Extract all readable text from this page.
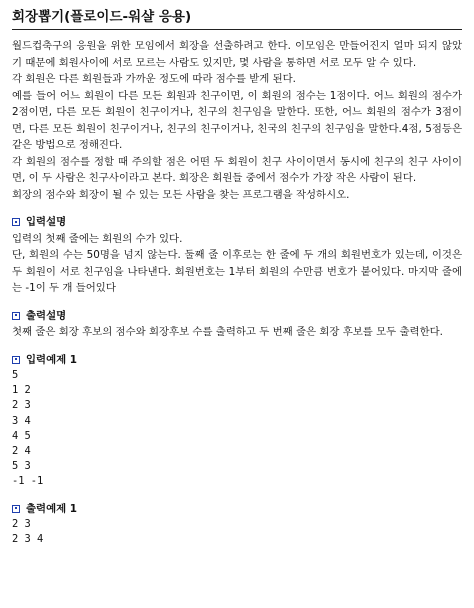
회장뽑기(플로이드-워샬 응용)

월드컵축구의 응원을 위한 모임에서 회장을 선출하려고 한다. 이모임은 만들어진지 얼마 되지 않았기 때문에 회원사이에 서로 모르는 사람도 있지만, 몇 사람을 통하면 서로 모두 알 수 있다.

각 회원은 다른 회원들과 가까운 정도에 따라 점수를 받게 된다.

예를 들어 어느 회원이 다른 모든 회원과 친구이면, 이 회원의 점수는 1점이다. 어느 회원의 점수가 2점이면, 다른 모든 회원이 친구이거나, 친구의 친구임을 말한다. 또한, 어느 회원의 점수가 3점이면, 다른 모든 회원이 친구이거나, 친구의 친구이거나, 친국의 친구의 친구임을 말한다.4점, 5점등은 같은 방법으로 정해진다.

각 회원의 점수를 정할 때 주의할 점은 어떤 두 회원이 친구 사이이면서 동시에 친구의 친구 사이이면, 이 두 사람은 친구사이라고 본다. 회장은 회원들 중에서 점수가 가장 작은 사람이 된다.

회장의 점수와 회장이 될 수 있는 모든 사람을 찾는 프로그램을 작성하시오.

입력설명

입력의 첫째 줄에는 회원의 수가 있다.

단, 회원의 수는 50명을 넘지 않는다. 둘째 줄 이후로는 한 줄에 두 개의 회원번호가 있는데, 이것은 두 회원이 서로 친구임을 나타낸다. 회원번호는 1부터 회원의 수만큼 번호가 붙어있다. 마지막 줄에는 -1이 두 개 들어있다

출력설명

첫째 줄은 회장 후보의 점수와 회장후보 수를 출력하고 두 번째 줄은 회장 후보를 모두 출력한다.

입력예제 1
5
1 2
2 3
3 4
4 5
2 4
5 3
-1 -1
출력예제 1
2 3
2 3 4
